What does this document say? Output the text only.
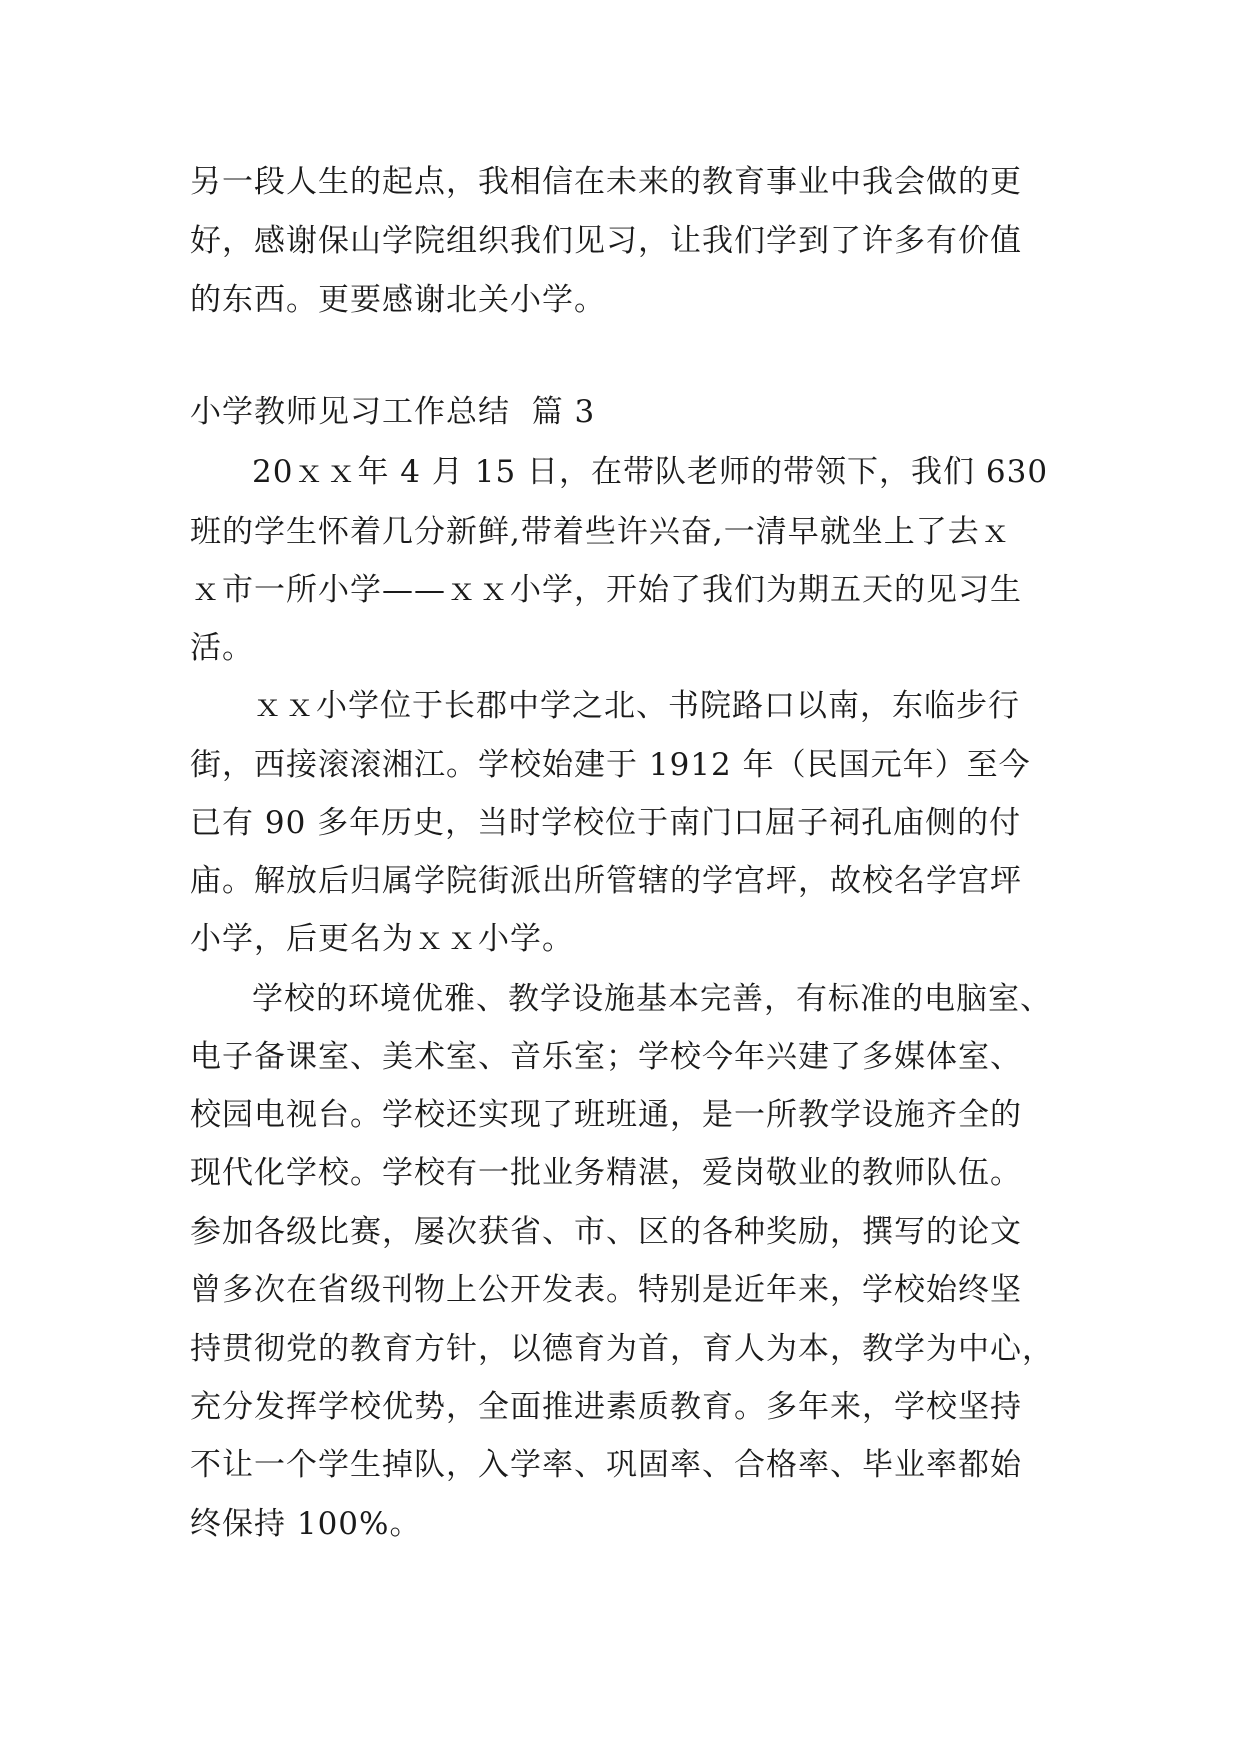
另一段人生的起点，我相信在未来的教育事业中我会做的更
好，感谢保山学院组织我们见习，让我们学到了许多有价值
的东西。更要感谢北关小学。
小学教师见习工作总结  篇 3
20ｘｘ年 4 月 15 日，在带队老师的带领下，我们 630
班的学生怀着几分新鲜,带着些许兴奋,一清早就坐上了去ｘ
ｘ市一所小学——ｘｘ小学，开始了我们为期五天的见习生
活。
ｘｘ小学位于长郡中学之北、书院路口以南，东临步行
街，西接滚滚湘江。学校始建于 1912 年（民国元年）至今
已有 90 多年历史，当时学校位于南门口屈子祠孔庙侧的付
庙。解放后归属学院街派出所管辖的学宫坪，故校名学宫坪
小学，后更名为ｘｘ小学。
学校的环境优雅、教学设施基本完善，有标准的电脑室、
电子备课室、美术室、音乐室；学校今年兴建了多媒体室、
校园电视台。学校还实现了班班通，是一所教学设施齐全的
现代化学校。学校有一批业务精湛，爱岗敬业的教师队伍。
参加各级比赛，屡次获省、市、区的各种奖励，撰写的论文
曾多次在省级刊物上公开发表。特别是近年来，学校始终坚
持贯彻党的教育方针，以德育为首，育人为本，教学为中心，
充分发挥学校优势，全面推进素质教育。多年来，学校坚持
不让一个学生掉队，入学率、巩固率、合格率、毕业率都始
终保持 100%。
